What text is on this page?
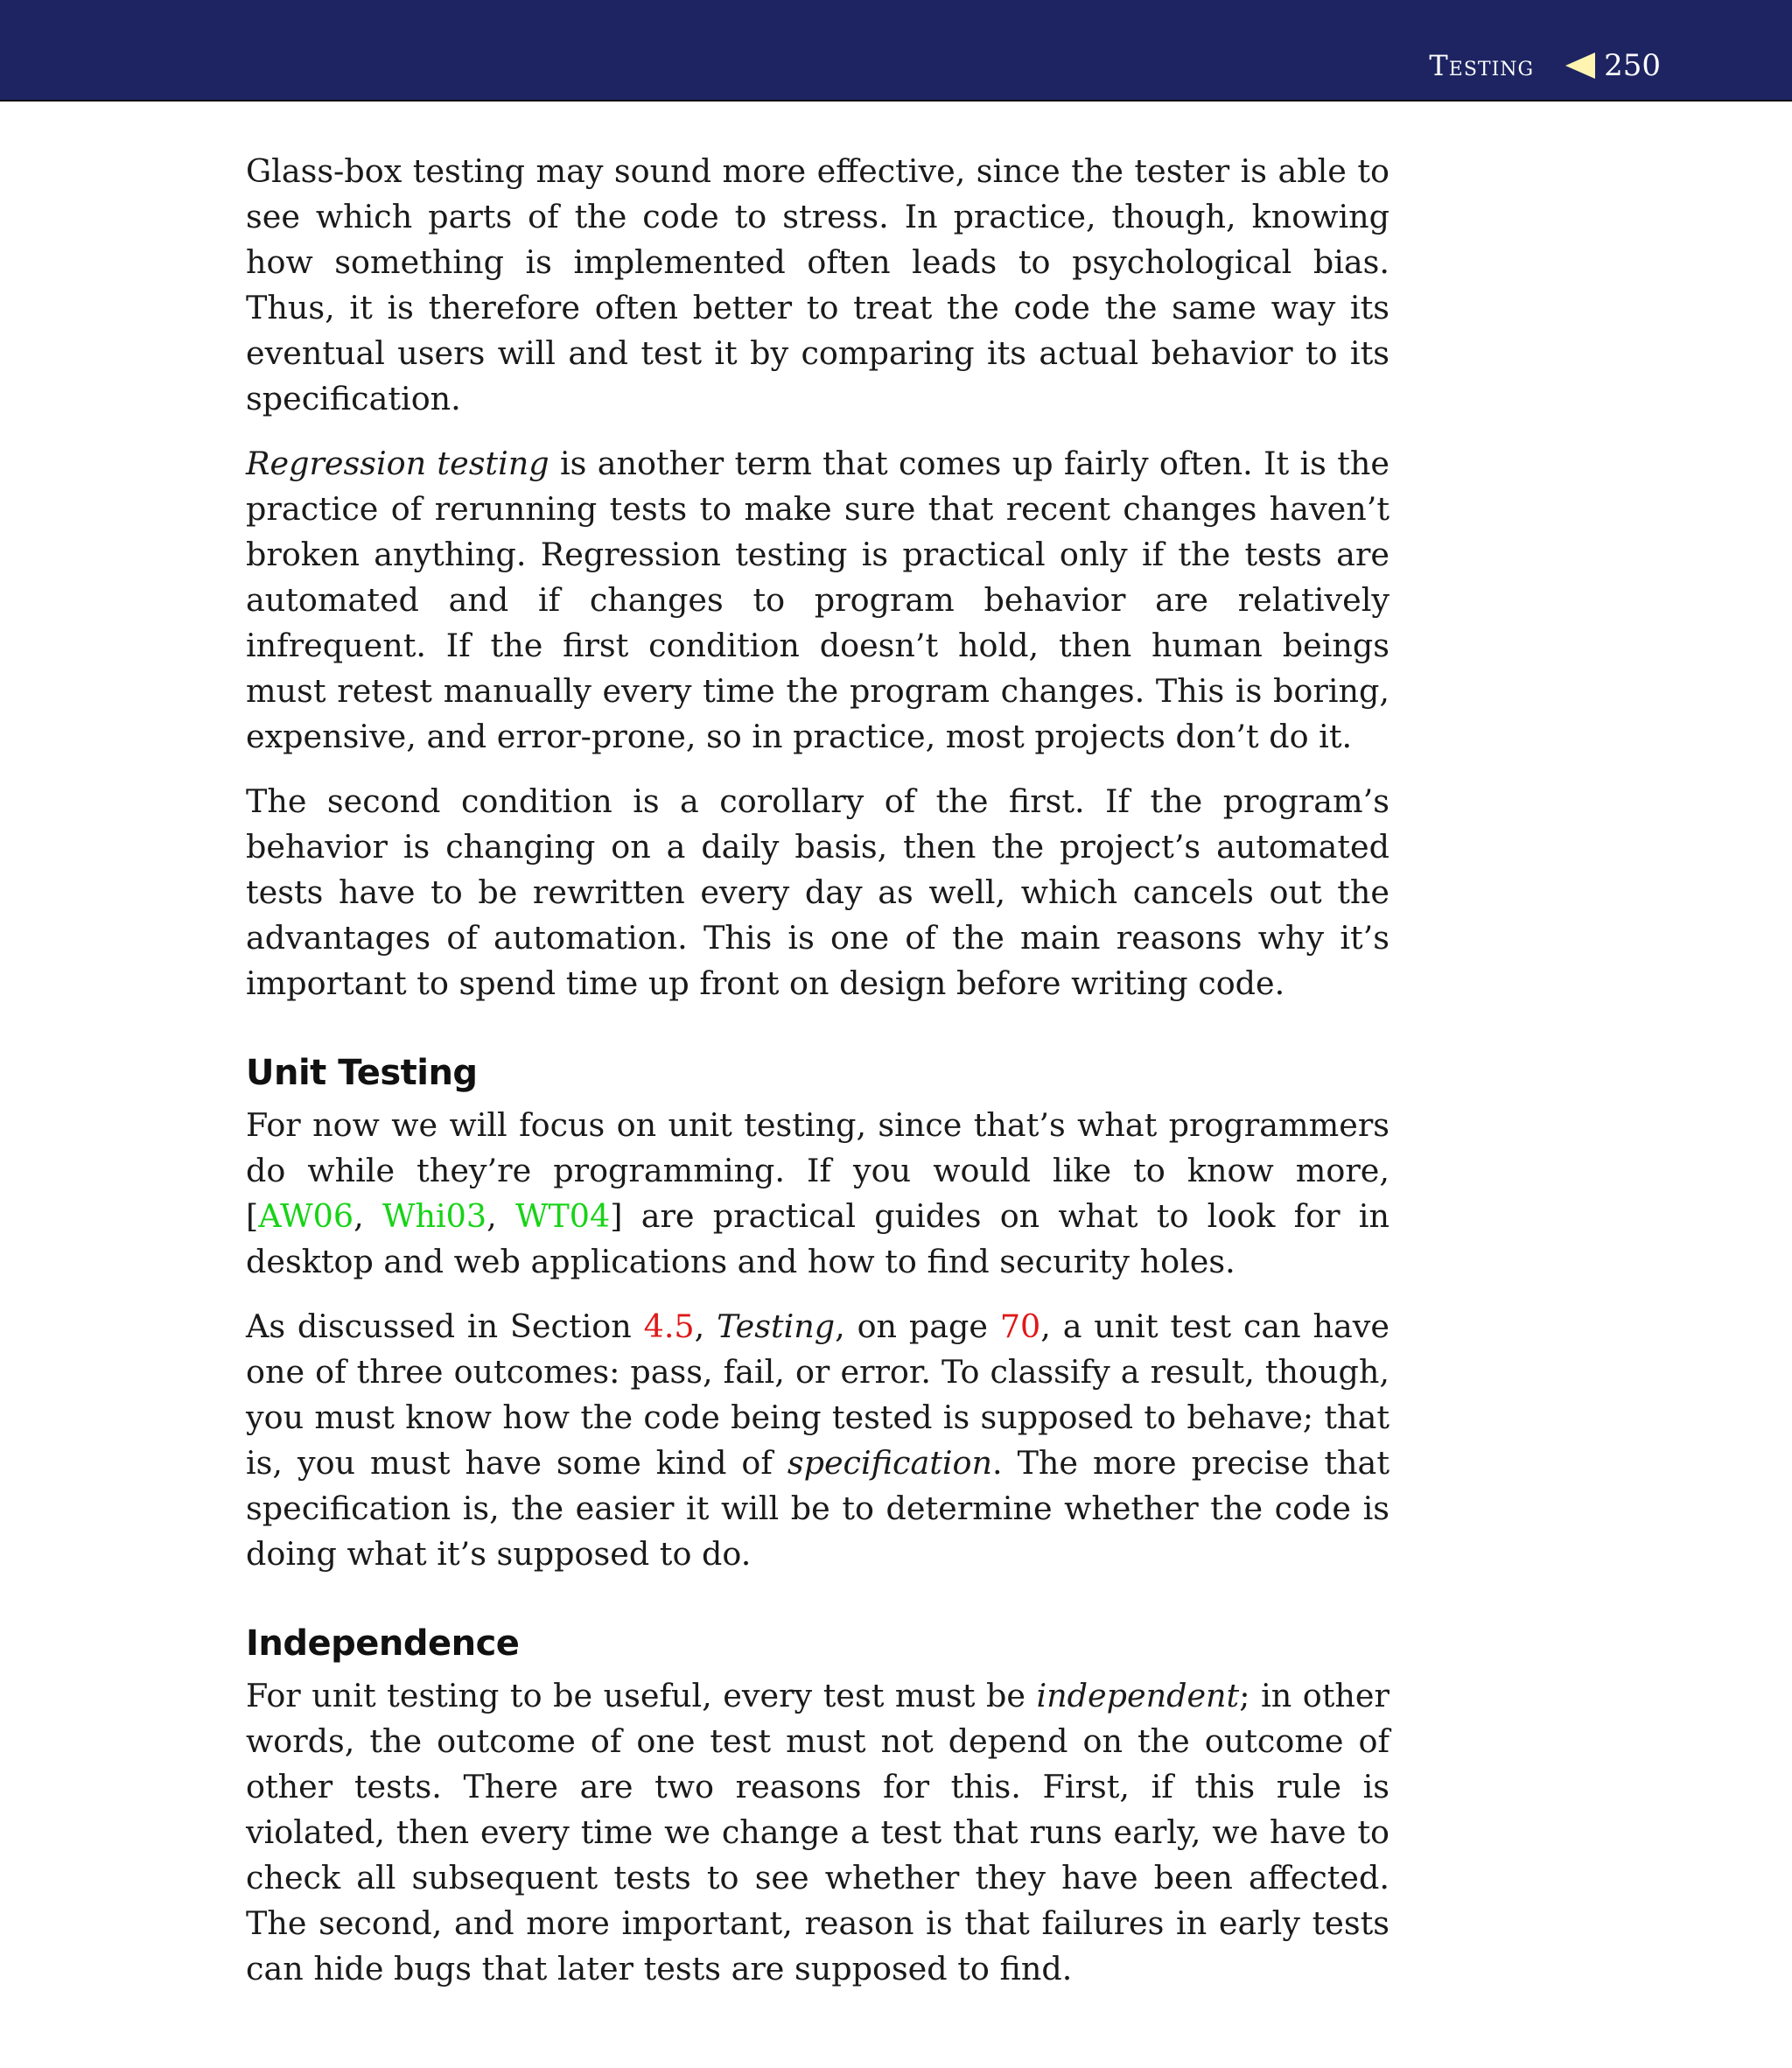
Testing 250

Glass-box testing may sound more effective, since the tester is able to see which parts of the code to stress. In practice, though, knowing how something is implemented often leads to psychological bias. Thus, it is therefore often better to treat the code the same way its eventual users will and test it by comparing its actual behavior to its specification.

Regression testing is another term that comes up fairly often. It is the practice of rerunning tests to make sure that recent changes haven’t broken anything. Regression testing is practical only if the tests are automated and if changes to program behavior are relatively infrequent. If the first condition doesn’t hold, then human beings must retest manually every time the program changes. This is boring, expensive, and error-prone, so in practice, most projects don’t do it.

The second condition is a corollary of the first. If the program’s behavior is changing on a daily basis, then the project’s automated tests have to be rewritten every day as well, which cancels out the advantages of automation. This is one of the main reasons why it’s important to spend time up front on design before writing code.

Unit Testing

For now we will focus on unit testing, since that’s what programmers do while they’re programming. If you would like to know more, [AW06, Whi03, WT04] are practical guides on what to look for in desktop and web applications and how to find security holes.

As discussed in Section 4.5, Testing, on page 70, a unit test can have one of three outcomes: pass, fail, or error. To classify a result, though, you must know how the code being tested is supposed to behave; that is, you must have some kind of specification. The more precise that specification is, the easier it will be to determine whether the code is doing what it’s supposed to do.

Independence

For unit testing to be useful, every test must be independent; in other words, the outcome of one test must not depend on the outcome of other tests. There are two reasons for this. First, if this rule is violated, then every time we change a test that runs early, we have to check all subsequent tests to see whether they have been affected. The second, and more important, reason is that failures in early tests can hide bugs that later tests are supposed to find.
